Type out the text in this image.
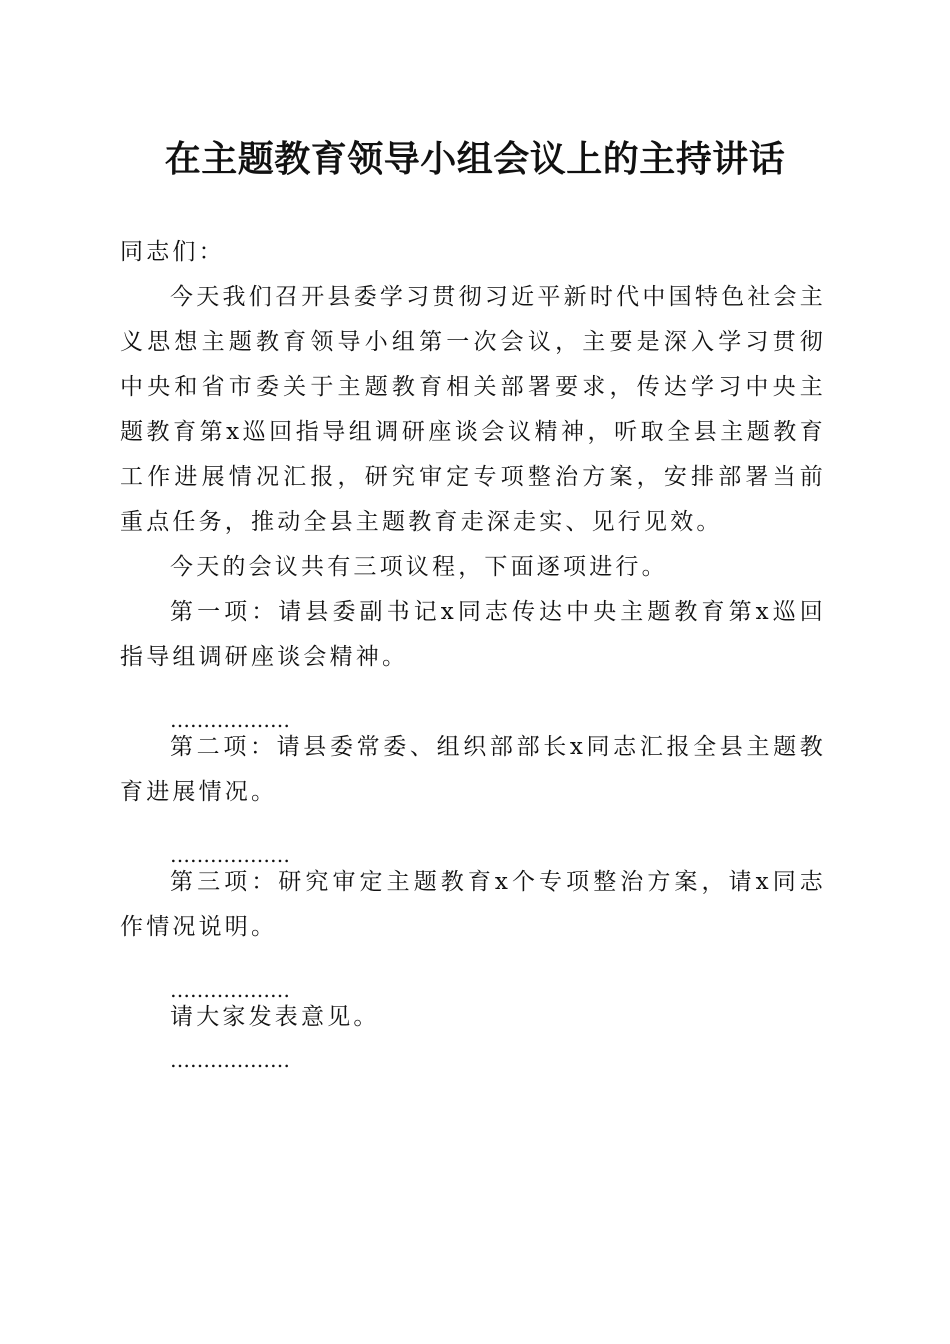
在主题教育领导小组会议上的主持讲话

同志们：

今天我们召开县委学习贯彻习近平新时代中国特色社会主义思想主题教育领导小组第一次会议，主要是深入学习贯彻中央和省市委关于主题教育相关部署要求，传达学习中央主题教育第x巡回指导组调研座谈会议精神，听取全县主题教育工作进展情况汇报，研究审定专项整治方案，安排部署当前重点任务，推动全县主题教育走深走实、见行见效。

今天的会议共有三项议程，下面逐项进行。

第一项：请县委副书记x同志传达中央主题教育第x巡回指导组调研座谈会精神。

………………

第二项：请县委常委、组织部部长x同志汇报全县主题教育进展情况。

………………

第三项：研究审定主题教育x个专项整治方案，请x同志作情况说明。

………………

请大家发表意见。

………………
